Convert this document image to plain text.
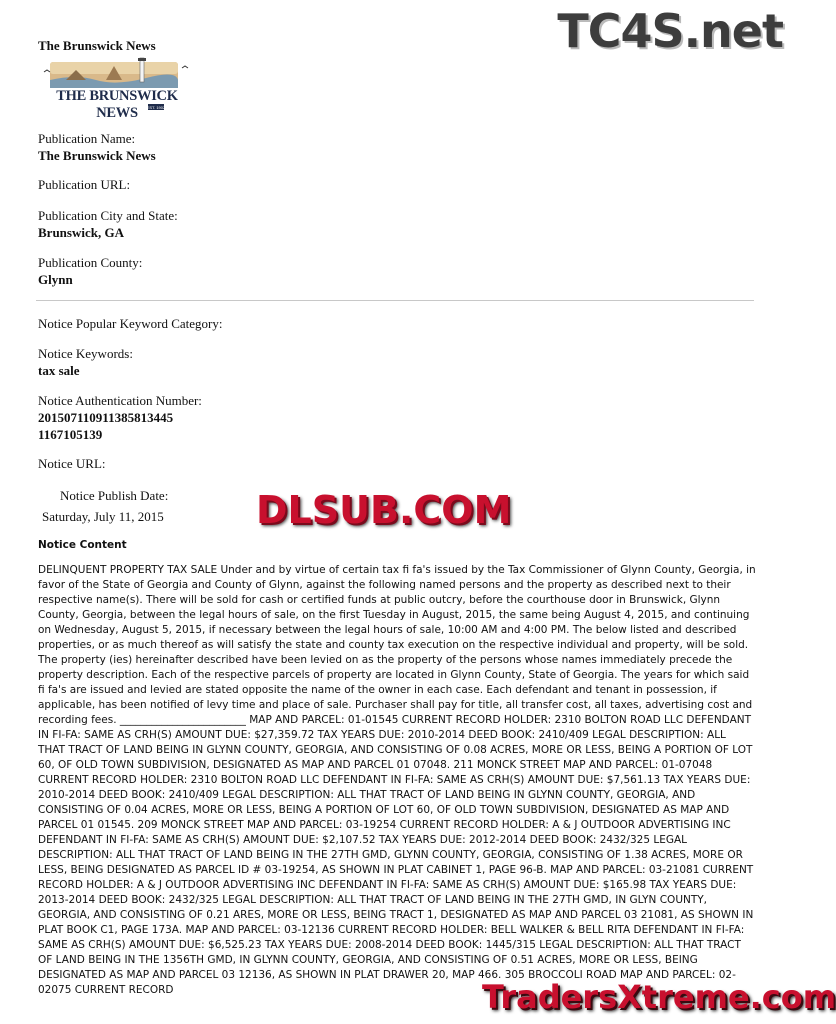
TC4S.net
The Brunswick News
EST. 1902
THE BRUNSWICK NEWS
Publication Name:
The Brunswick News
Publication URL:
Publication City and State:
Brunswick, GA
Publication County:
Glynn
Notice Popular Keyword Category:
Notice Keywords:
tax sale
Notice Authentication Number:
201507110911385813445
1167105139
Notice URL:
Notice Publish Date:
Saturday, July 11, 2015 DLSUB.COM
Notice Content
DELINQUENT PROPERTY TAX SALE Under and by virtue of certain tax fi fa's issued by the Tax Commissioner of Glynn County, Georgia, in favor of the State of Georgia and County of Glynn, against the following named persons and the property as described next to their respective name(s). There will be sold for cash or certified funds at public outcry, before the courthouse door in Brunswick, Glynn County, Georgia, between the legal hours of sale, on the first Tuesday in August, 2015, the same being August 4, 2015, and continuing on Wednesday, August 5, 2015, if necessary between the legal hours of sale, 10:00 AM and 4:00 PM. The below listed and described properties, or as much thereof as will satisfy the state and county tax execution on the respective individual and property, will be sold. The property (ies) hereinafter described have been levied on as the property of the persons whose names immediately precede the property description. Each of the respective parcels of property are located in Glynn County, State of Georgia. The years for which said fi fa's are issued and levied are stated opposite the name of the owner in each case. Each defendant and tenant in possession, if applicable, has been notified of levy time and place of sale. Purchaser shall pay for title, all transfer cost, all taxes, advertising cost and recording fees. ________________________ MAP AND PARCEL: 01-01545 CURRENT RECORD HOLDER: 2310 BOLTON ROAD LLC DEFENDANT IN FI-FA: SAME AS CRH(S) AMOUNT DUE: $27,359.72 TAX YEARS DUE: 2010-2014 DEED BOOK: 2410/409 LEGAL DESCRIPTION: ALL THAT TRACT OF LAND BEING IN GLYNN COUNTY, GEORGIA, AND CONSISTING OF 0.08 ACRES, MORE OR LESS, BEING A PORTION OF LOT 60, OF OLD TOWN SUBDIVISION, DESIGNATED AS MAP AND PARCEL 01 07048. 211 MONCK STREET MAP AND PARCEL: 01-07048 CURRENT RECORD HOLDER: 2310 BOLTON ROAD LLC DEFENDANT IN FI-FA: SAME AS CRH(S) AMOUNT DUE: $7,561.13 TAX YEARS DUE: 2010-2014 DEED BOOK: 2410/409 LEGAL DESCRIPTION: ALL THAT TRACT OF LAND BEING IN GLYNN COUNTY, GEORGIA, AND CONSISTING OF 0.04 ACRES, MORE OR LESS, BEING A PORTION OF LOT 60, OF OLD TOWN SUBDIVISION, DESIGNATED AS MAP AND PARCEL 01 01545. 209 MONCK STREET MAP AND PARCEL: 03-19254 CURRENT RECORD HOLDER: A & J OUTDOOR ADVERTISING INC DEFENDANT IN FI-FA: SAME AS CRH(S) AMOUNT DUE: $2,107.52 TAX YEARS DUE: 2012-2014 DEED BOOK: 2432/325 LEGAL DESCRIPTION: ALL THAT TRACT OF LAND BEING IN THE 27TH GMD, GLYNN COUNTY, GEORGIA, CONSISTING OF 1.38 ACRES, MORE OR LESS, BEING DESIGNATED AS PARCEL ID # 03-19254, AS SHOWN IN PLAT CABINET 1, PAGE 96-B. MAP AND PARCEL: 03-21081 CURRENT RECORD HOLDER: A & J OUTDOOR ADVERTISING INC DEFENDANT IN FI-FA: SAME AS CRH(S) AMOUNT DUE: $165.98 TAX YEARS DUE: 2013-2014 DEED BOOK: 2432/325 LEGAL DESCRIPTION: ALL THAT TRACT OF LAND BEING IN THE 27TH GMD, IN GLYN COUNTY, GEORGIA, AND CONSISTING OF 0.21 ARES, MORE OR LESS, BEING TRACT 1, DESIGNATED AS MAP AND PARCEL 03 21081, AS SHOWN IN PLAT BOOK C1, PAGE 173A. MAP AND PARCEL: 03-12136 CURRENT RECORD HOLDER: BELL WALKER & BELL RITA DEFENDANT IN FI-FA: SAME AS CRH(S) AMOUNT DUE: $6,525.23 TAX YEARS DUE: 2008-2014 DEED BOOK: 1445/315 LEGAL DESCRIPTION: ALL THAT TRACT OF LAND BEING IN THE 1356TH GMD, IN GLYNN COUNTY, GEORGIA, AND CONSISTING OF 0.51 ACRES, MORE OR LESS, BEING DESIGNATED AS MAP AND PARCEL 03 12136, AS SHOWN IN PLAT DRAWER 20, MAP 466. 305 BROCCOLI ROAD MAP AND PARCEL: 02-02075 CURRENT RECORD	TradersXtreme.com
